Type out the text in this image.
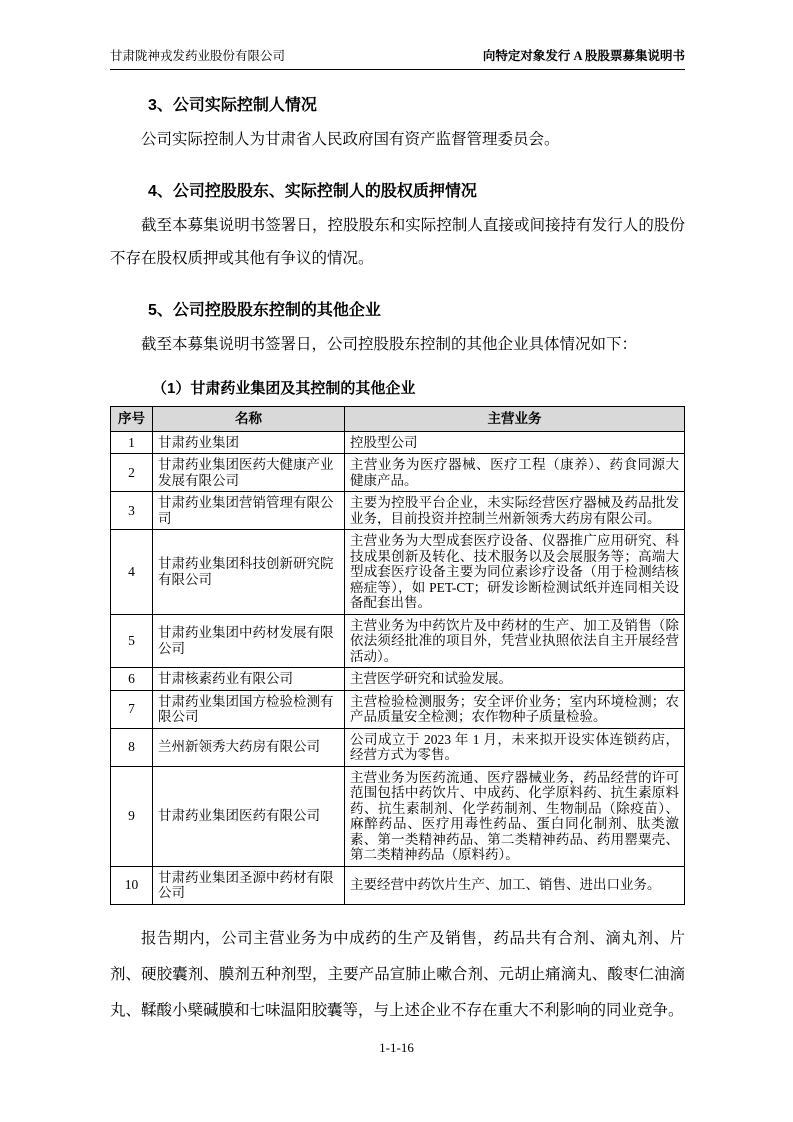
甘肃陇神戎发药业股份有限公司	向特定对象发行 A 股股票募集说明书
3、公司实际控制人情况

公司实际控制人为甘肃省人民政府国有资产监督管理委员会。

4、公司控股股东、实际控制人的股权质押情况

截至本募集说明书签署日，控股股东和实际控制人直接或间接持有发行人的股份不存在股权质押或其他有争议的情况。

5、公司控股股东控制的其他企业

截至本募集说明书签署日，公司控股股东控制的其他企业具体情况如下：

（1）甘肃药业集团及其控制的其他企业
序号	名称	主营业务
1	甘肃药业集团	控股型公司
2	甘肃药业集团医药大健康产业发展有限公司	主营业务为医疗器械、医疗工程（康养）、药食同源大健康产品。
3	甘肃药业集团营销管理有限公司	主要为控股平台企业，未实际经营医疗器械及药品批发业务，目前投资并控制兰州新领秀大药房有限公司。
4	甘肃药业集团科技创新研究院有限公司	主营业务为大型成套医疗设备、仪器推广应用研究、科技成果创新及转化、技术服务以及会展服务等；高端大型成套医疗设备主要为同位素诊疗设备（用于检测结核癌症等），如 PET-CT；研发诊断检测试纸并连同相关设备配套出售。
5	甘肃药业集团中药材发展有限公司	主营业务为中药饮片及中药材的生产、加工及销售（除依法须经批准的项目外，凭营业执照依法自主开展经营活动）。
6	甘肃核素药业有限公司	主营医学研究和试验发展。
7	甘肃药业集团国方检验检测有限公司	主营检验检测服务；安全评价业务；室内环境检测；农产品质量安全检测；农作物种子质量检验。
8	兰州新领秀大药房有限公司	公司成立于 2023 年 1 月，未来拟开设实体连锁药店，经营方式为零售。
9	甘肃药业集团医药有限公司	主营业务为医药流通、医疗器械业务，药品经营的许可范围包括中药饮片、中成药、化学原料药、抗生素原料药、抗生素制剂、化学药制剂、生物制品（除疫苗）、麻醉药品、医疗用毒性药品、蛋白同化制剂、肽类激素、第一类精神药品、第二类精神药品、药用罂粟壳、第二类精神药品（原料药）。
10	甘肃药业集团圣源中药材有限公司	主要经营中药饮片生产、加工、销售、进出口业务。

报告期内，公司主营业务为中成药的生产及销售，药品共有合剂、滴丸剂、片剂、硬胶囊剂、膜剂五种剂型，主要产品宣肺止嗽合剂、元胡止痛滴丸、酸枣仁油滴丸、鞣酸小檗碱膜和七味温阳胶囊等，与上述企业不存在重大不利影响的同业竞争。

1-1-16
